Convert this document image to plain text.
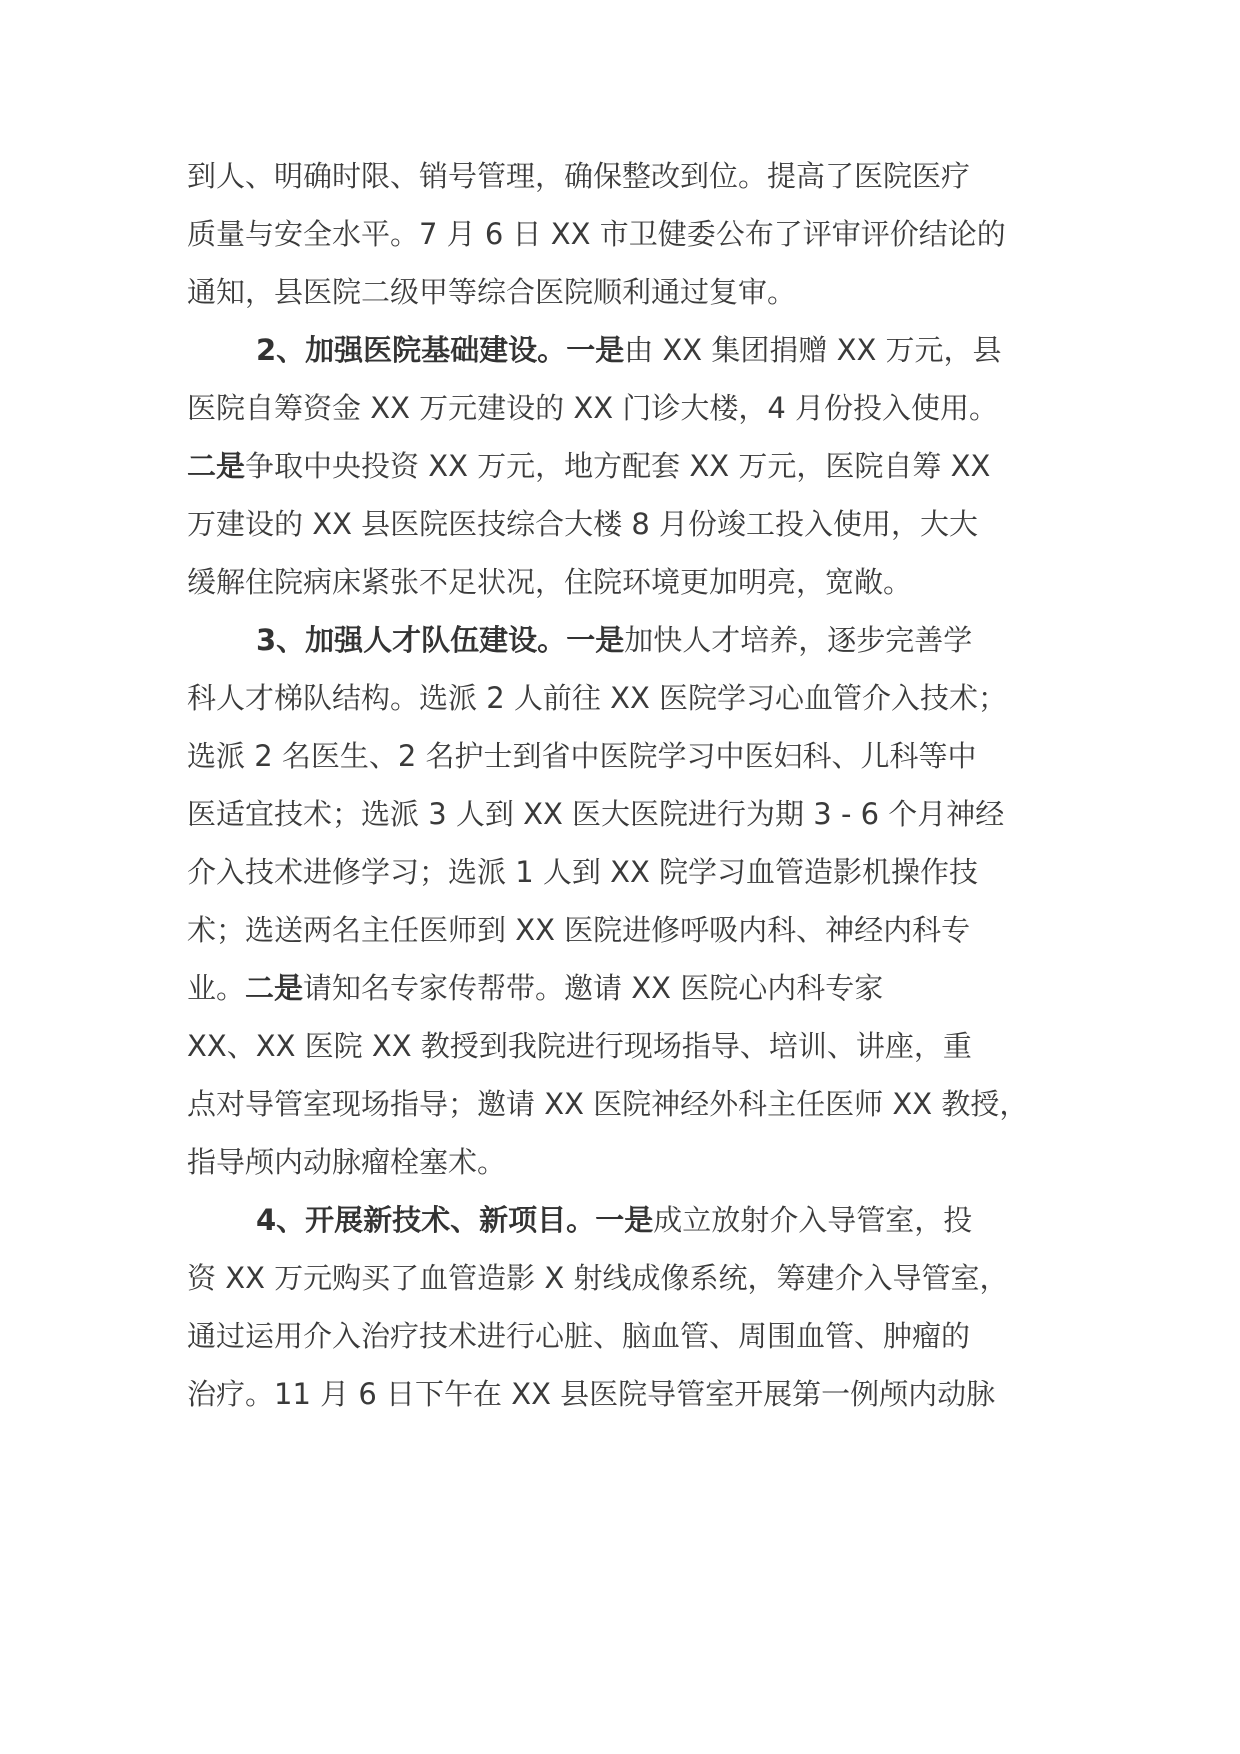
到人、明确时限、销号管理，确保整改到位。提高了医院医疗
质量与安全水平。7 月 6 日 XX 市卫健委公布了评审评价结论的
通知，县医院二级甲等综合医院顺利通过复审。
2、加强医院基础建设。一是由 XX 集团捐赠 XX 万元，县
医院自筹资金 XX 万元建设的 XX 门诊大楼，4 月份投入使用。
二是争取中央投资 XX 万元，地方配套 XX 万元，医院自筹 XX
万建设的 XX 县医院医技综合大楼 8 月份竣工投入使用，大大
缓解住院病床紧张不足状况，住院环境更加明亮，宽敞。
3、加强人才队伍建设。一是加快人才培养，逐步完善学
科人才梯队结构。选派 2 人前往 XX 医院学习心血管介入技术；
选派 2 名医生、2 名护士到省中医院学习中医妇科、儿科等中
医适宜技术；选派 3 人到 XX 医大医院进行为期 3 - 6 个月神经
介入技术进修学习；选派 1 人到 XX 院学习血管造影机操作技
术；选送两名主任医师到 XX 医院进修呼吸内科、神经内科专
业。二是请知名专家传帮带。邀请 XX 医院心内科专家
XX、XX 医院 XX 教授到我院进行现场指导、培训、讲座，重
点对导管室现场指导；邀请 XX 医院神经外科主任医师 XX 教授，
指导颅内动脉瘤栓塞术。
4、开展新技术、新项目。一是成立放射介入导管室，投
资 XX 万元购买了血管造影 X 射线成像系统，筹建介入导管室，
通过运用介入治疗技术进行心脏、脑血管、周围血管、肿瘤的
治疗。11 月 6 日下午在 XX 县医院导管室开展第一例颅内动脉
